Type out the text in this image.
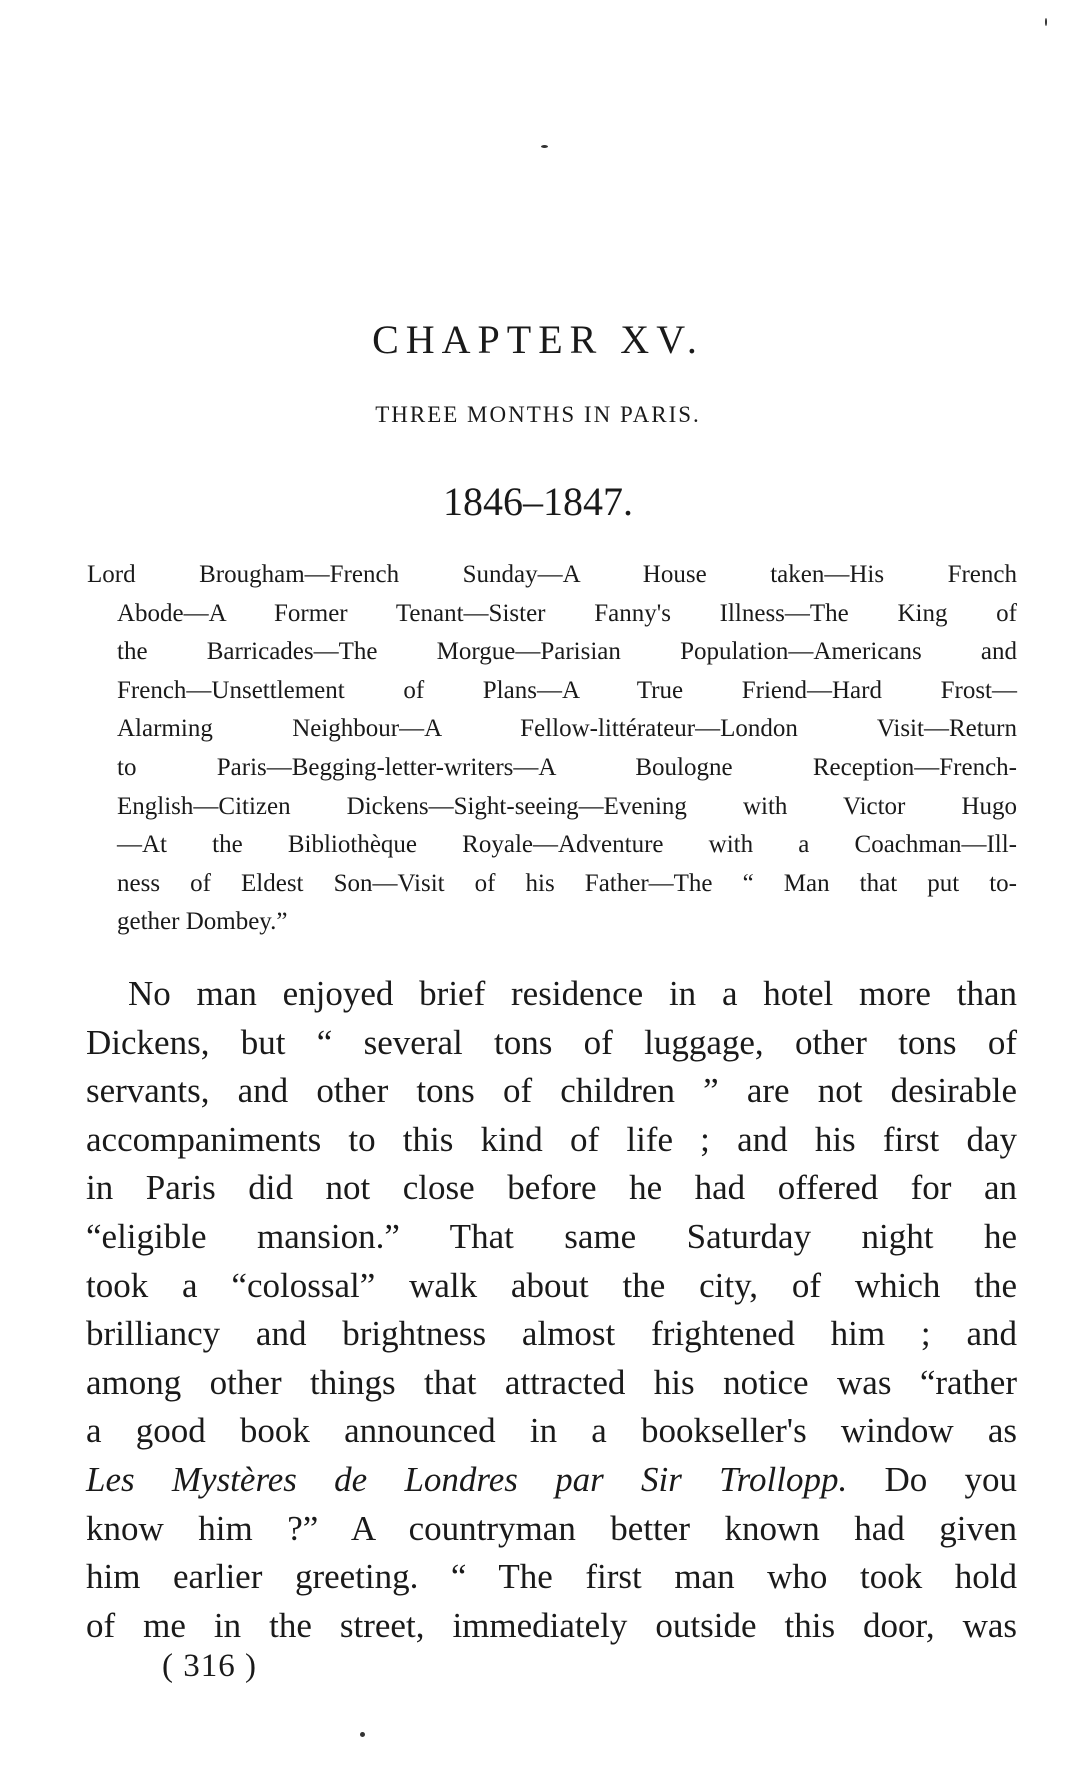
CHAPTER XV.
THREE MONTHS IN PARIS.
1846–1847.
Lord Brougham—French Sunday—A House taken—His French
Abode—A Former Tenant—Sister Fanny's Illness—The King of
the Barricades—The Morgue—Parisian Population—Americans and
French—Unsettlement of Plans—A True Friend—Hard Frost—
Alarming Neighbour—A Fellow-littérateur—London Visit—Return
to Paris—Begging-letter-writers—A Boulogne Reception—French-
English—Citizen Dickens—Sight-seeing—Evening with Victor Hugo
—At the Bibliothèque Royale—Adventure with a Coachman—Ill-
ness of Eldest Son—Visit of his Father—The “ Man that put to-
gether Dombey.”
No man enjoyed brief residence in a hotel more than
Dickens, but “ several tons of luggage, other tons of
servants, and other tons of children ” are not desirable
accompaniments to this kind of life ; and his first day
in Paris did not close before he had offered for an
“eligible mansion.” That same Saturday night he
took a “colossal” walk about the city, of which the
brilliancy and brightness almost frightened him ; and
among other things that attracted his notice was “rather
a good book announced in a bookseller's window as
Les Mystères de Londres par Sir Trollopp. Do you
know him ?” A countryman better known had given
him earlier greeting. “ The first man who took hold
of me in the street, immediately outside this door, was
( 316 )
